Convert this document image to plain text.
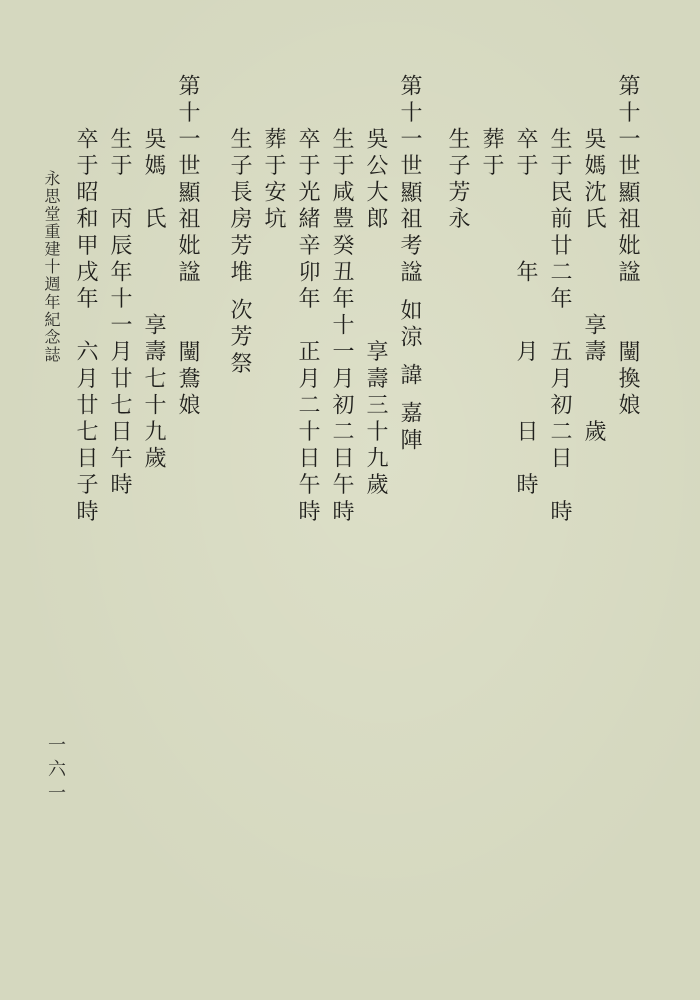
第十一世顯祖妣諡　　闉換娘
吳媽沈氏　　　享壽　　歲
生于民前廿二年　五月初二日　時
卒于　　　年　　月　　日　時
葬于
生子芳永
第十一世顯祖考諡 如涼 諱 嘉陣
吳公大郎　　　　享壽三十九歲
生于咸豊癸丑年十一月初二日午時
卒于光緒辛卯年　正月二十日午時
葬于安坑
生子長房芳堆 次芳祭
第十一世顯祖妣諡　　闉鴦娘
吳媽　氏　　　享壽七十九歲
生于　丙辰年十一月廿七日午時
卒于昭和甲戌年　六月廿七日子時
永思堂重建十週年紀念誌
一六一
